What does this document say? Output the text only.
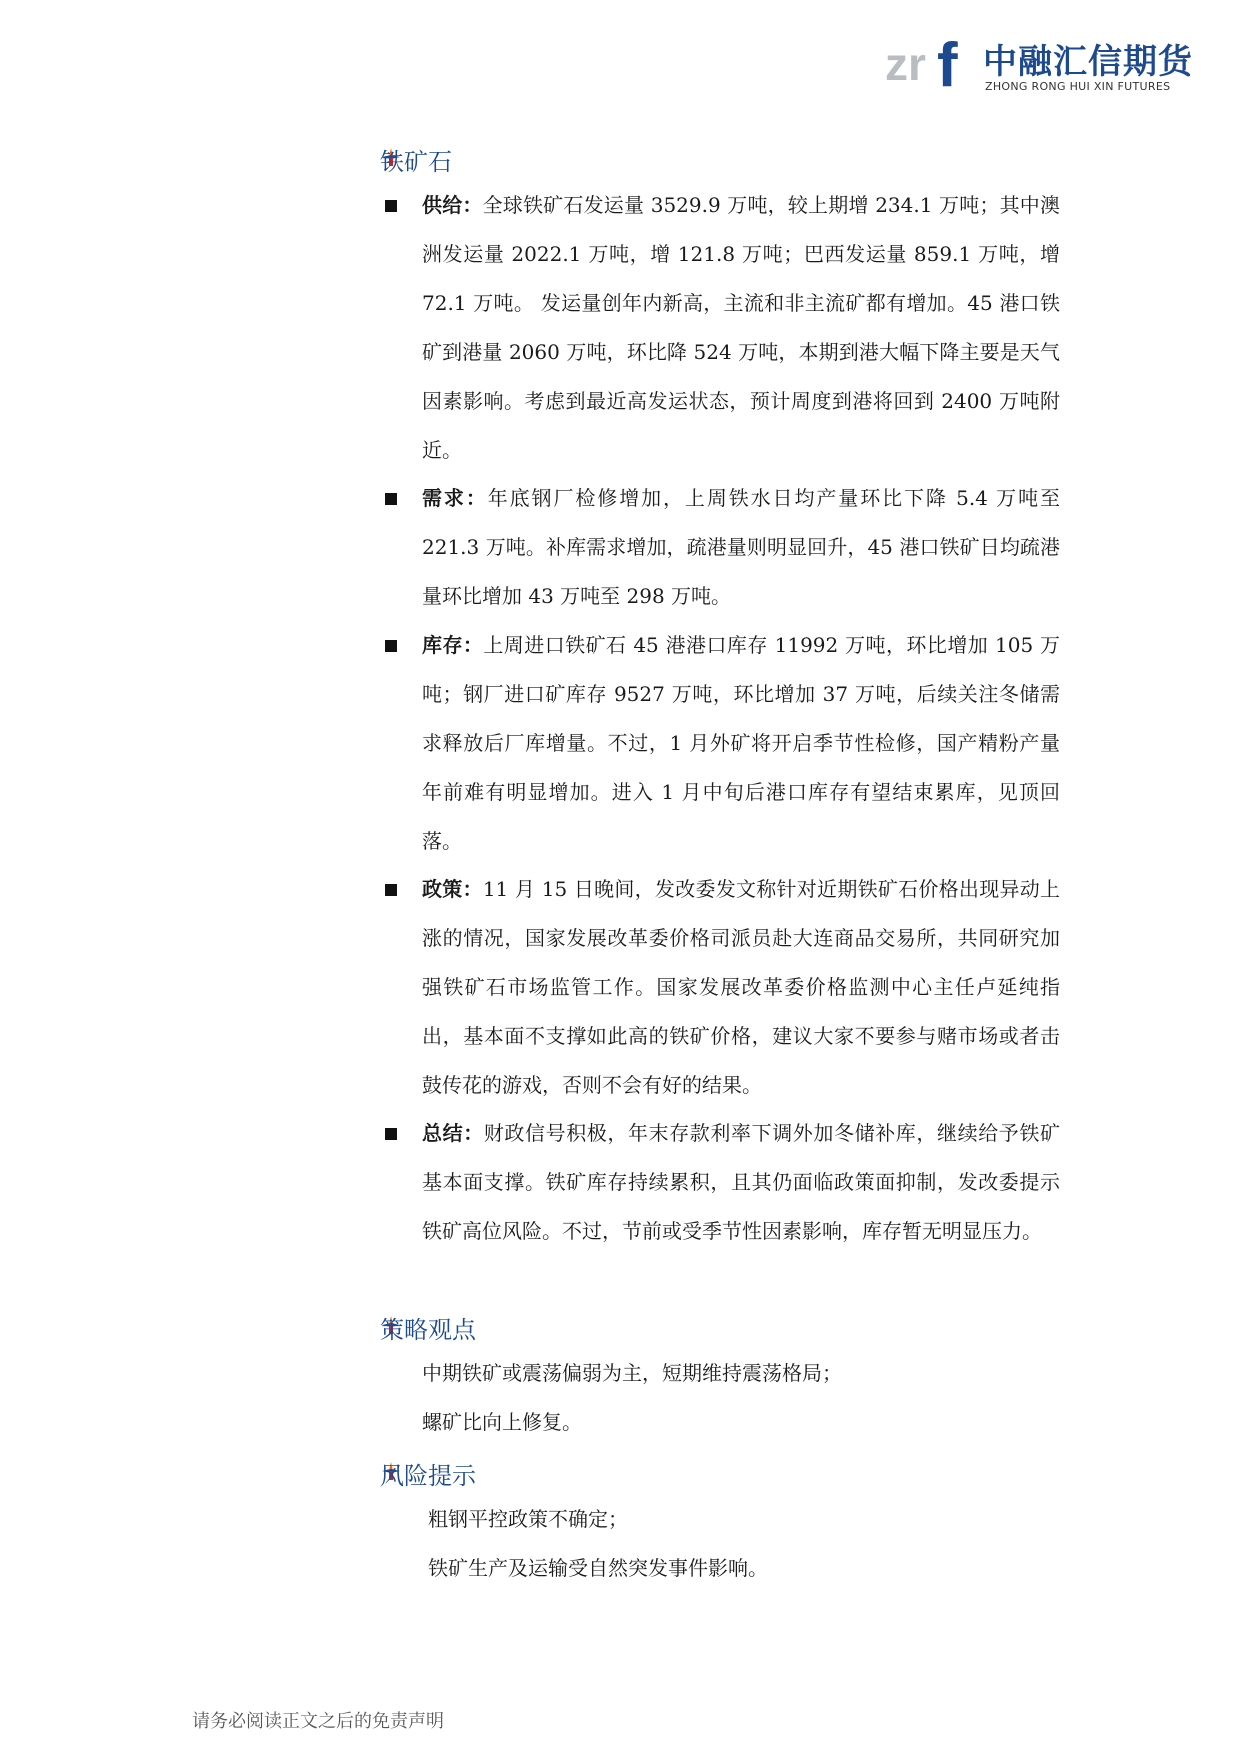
zr f 中融汇信期货
ZHONG RONG HUI XIN FUTURES
铁矿石
供给：全球铁矿石发运量 3529.9 万吨，较上期增 234.1 万吨；其中澳洲发运量 2022.1 万吨，增 121.8 万吨；巴西发运量 859.1 万吨，增 72.1 万吨。 发运量创年内新高，主流和非主流矿都有增加。45 港口铁矿到港量 2060 万吨，环比降 524 万吨，本期到港大幅下降主要是天气因素影响。考虑到最近高发运状态，预计周度到港将回到 2400 万吨附近。
需求：年底钢厂检修增加，上周铁水日均产量环比下降 5.4 万吨至 221.3 万吨。补库需求增加，疏港量则明显回升，45 港口铁矿日均疏港量环比增加 43 万吨至 298 万吨。
库存：上周进口铁矿石 45 港港口库存 11992 万吨，环比增加 105 万吨；钢厂进口矿库存 9527 万吨，环比增加 37 万吨，后续关注冬储需求释放后厂库增量。不过，1 月外矿将开启季节性检修，国产精粉产量年前难有明显增加。进入 1 月中旬后港口库存有望结束累库，见顶回落。
政策：11 月 15 日晚间，发改委发文称针对近期铁矿石价格出现异动上涨的情况，国家发展改革委价格司派员赴大连商品交易所，共同研究加强铁矿石市场监管工作。国家发展改革委价格监测中心主任卢延纯指出，基本面不支撑如此高的铁矿价格，建议大家不要参与赌市场或者击鼓传花的游戏，否则不会有好的结果。
总结：财政信号积极，年末存款利率下调外加冬储补库，继续给予铁矿基本面支撑。铁矿库存持续累积，且其仍面临政策面抑制，发改委提示铁矿高位风险。不过，节前或受季节性因素影响，库存暂无明显压力。
策略观点
中期铁矿或震荡偏弱为主，短期维持震荡格局；
螺矿比向上修复。
风险提示
粗钢平控政策不确定；
铁矿生产及运输受自然突发事件影响。
请务必阅读正文之后的免责声明
